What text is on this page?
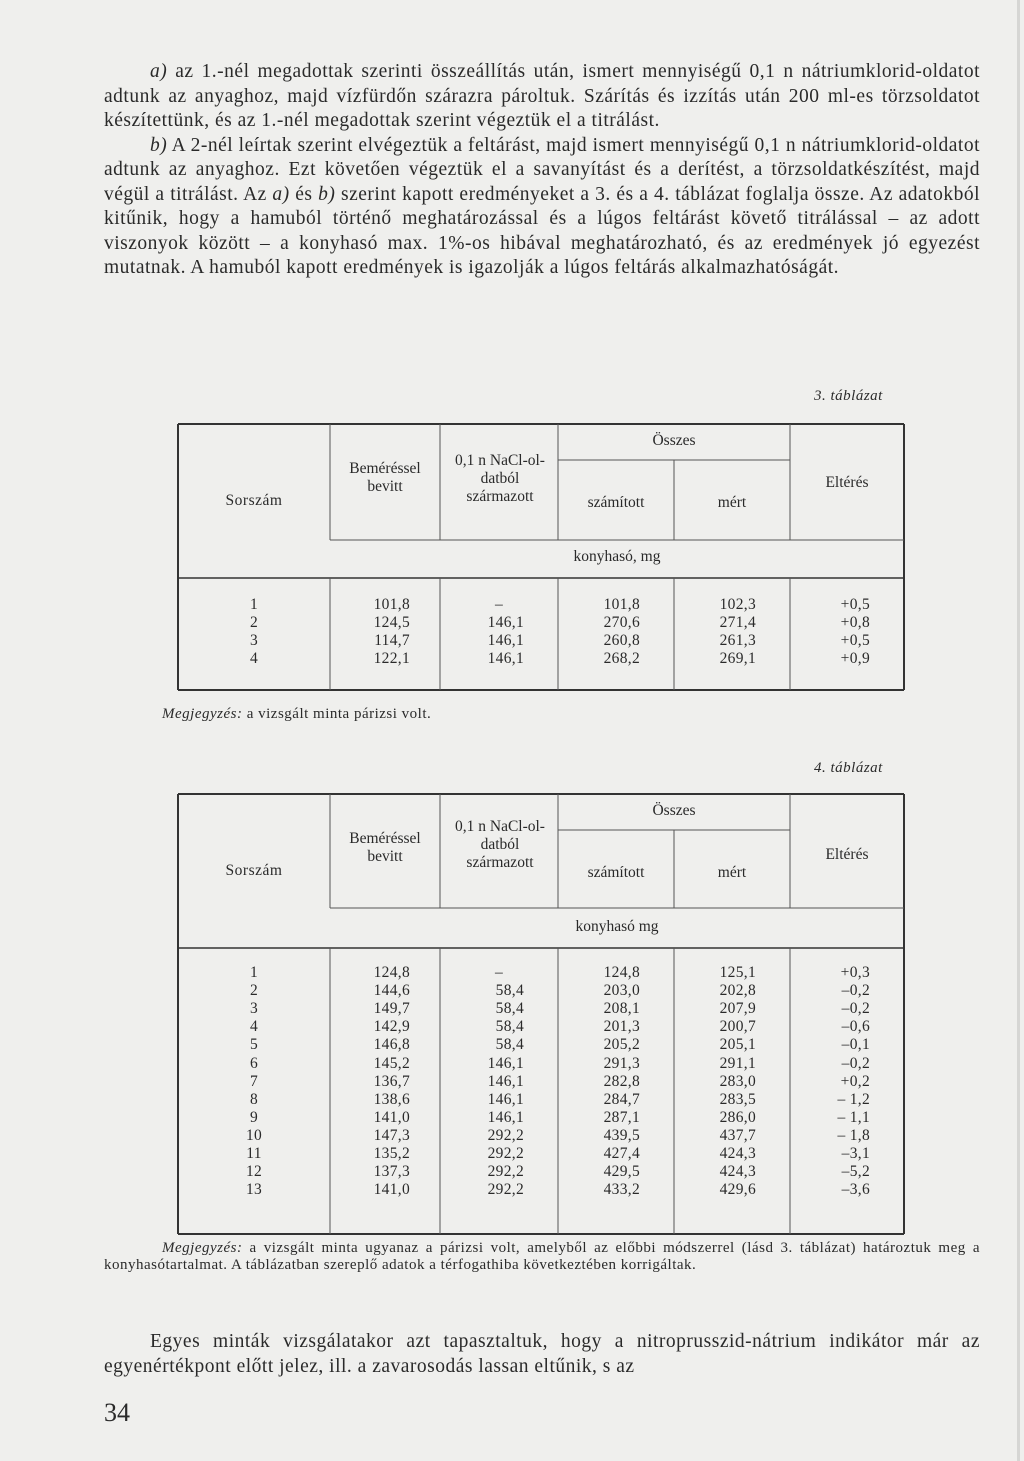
a) az 1.-nél megadottak szerinti összeállítás után, ismert mennyiségű 0,1 n nátriumklorid-oldatot adtunk az anyaghoz, majd vízfürdőn szárazra pároltuk. Szárítás és izzítás után 200 ml-es törzsoldatot készítettünk, és az 1.-nél megadottak szerint végeztük el a titrálást.

b) A 2-nél leírtak szerint elvégeztük a feltárást, majd ismert mennyiségű 0,1 n nátriumklorid-oldatot adtunk az anyaghoz. Ezt követően végeztük el a savanyítást és a derítést, a törzsoldatkészítést, majd végül a titrálást. Az a) és b) szerint kapott eredményeket a 3. és a 4. táblázat foglalja össze. Az adatokból kitűnik, hogy a hamuból történő meghatározással és a lúgos feltárást követő titrálással – az adott viszonyok között – a konyhasó max. 1%-os hibával meghatározható, és az eredmények jó egyezést mutatnak. A hamuból kapott eredmények is igazolják a lúgos feltárás alkalmazhatóságát.

3. táblázat
Sorszám
Beméréssel bevitt
0,1 n NaCl-ol-datból származott
Összes
számított	mért
Eltérés
konyhasó, mg
1	101,8	–	101,8	102,3	+0,5
2	124,5	146,1	270,6	271,4	+0,8
3	114,7	146,1	260,8	261,3	+0,5
4	122,1	146,1	268,2	269,1	+0,9
Megjegyzés: a vizsgált minta párizsi volt.
4. táblázat
Sorszám
Beméréssel bevitt
0,1 n NaCl-ol-datból származott
Összes
számított	mért
Eltérés
konyhasó mg
1	124,8	–	124,8	125,1	+0,3
2	144,6	58,4	203,0	202,8	–0,2
3	149,7	58,4	208,1	207,9	–0,2
4	142,9	58,4	201,3	200,7	–0,6
5	146,8	58,4	205,2	205,1	–0,1
6	145,2	146,1	291,3	291,1	–0,2
7	136,7	146,1	282,8	283,0	+0,2
8	138,6	146,1	284,7	283,5	– 1,2
9	141,0	146,1	287,1	286,0	– 1,1
10	147,3	292,2	439,5	437,7	– 1,8
11	135,2	292,2	427,4	424,3	–3,1
12	137,3	292,2	429,5	424,3	–5,2
13	141,0	292,2	433,2	429,6	–3,6
Megjegyzés: a vizsgált minta ugyanaz a párizsi volt, amelyből az előbbi módszerrel (lásd 3. táblázat) határoztuk meg a konyhasótartalmat. A táblázatban szereplő adatok a térfogathiba következtében korrigáltak.

Egyes minták vizsgálatakor azt tapasztaltuk, hogy a nitroprusszid-nátrium indikátor már az egyenértékpont előtt jelez, ill. a zavarosodás lassan eltűnik, s az

34
